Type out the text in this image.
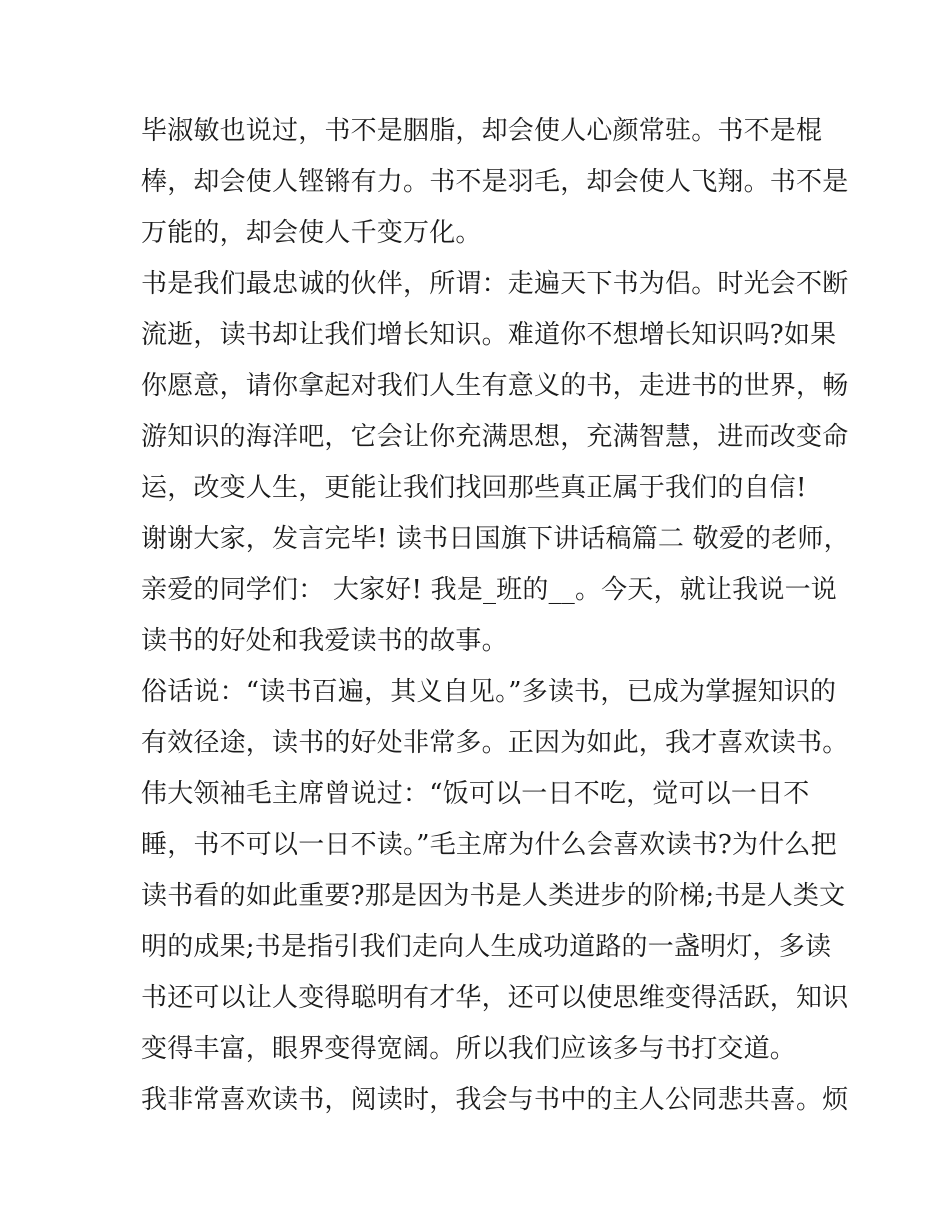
毕淑敏也说过，书不是胭脂，却会使人心颜常驻。书不是棍
棒，却会使人铿锵有力。书不是羽毛，却会使人飞翔。书不是
万能的，却会使人千变万化。
书是我们最忠诚的伙伴，所谓：走遍天下书为侣。时光会不断
流逝，读书却让我们增长知识。难道你不想增长知识吗?如果
你愿意，请你拿起对我们人生有意义的书，走进书的世界，畅
游知识的海洋吧，它会让你充满思想，充满智慧，进而改变命
运，改变人生，更能让我们找回那些真正属于我们的自信!
谢谢大家，发言完毕! 读书日国旗下讲话稿篇二 敬爱的老师，
亲爱的同学们： 大家好! 我是_班的__。今天，就让我说一说
读书的好处和我爱读书的故事。
俗话说：“读书百遍，其义自见。”多读书，已成为掌握知识的
有效径途，读书的好处非常多。正因为如此，我才喜欢读书。
伟大领袖毛主席曾说过：“饭可以一日不吃，觉可以一日不
睡，书不可以一日不读。”毛主席为什么会喜欢读书?为什么把
读书看的如此重要?那是因为书是人类进步的阶梯;书是人类文
明的成果;书是指引我们走向人生成功道路的一盏明灯，多读
书还可以让人变得聪明有才华，还可以使思维变得活跃，知识
变得丰富，眼界变得宽阔。所以我们应该多与书打交道。
我非常喜欢读书，阅读时，我会与书中的主人公同悲共喜。烦
